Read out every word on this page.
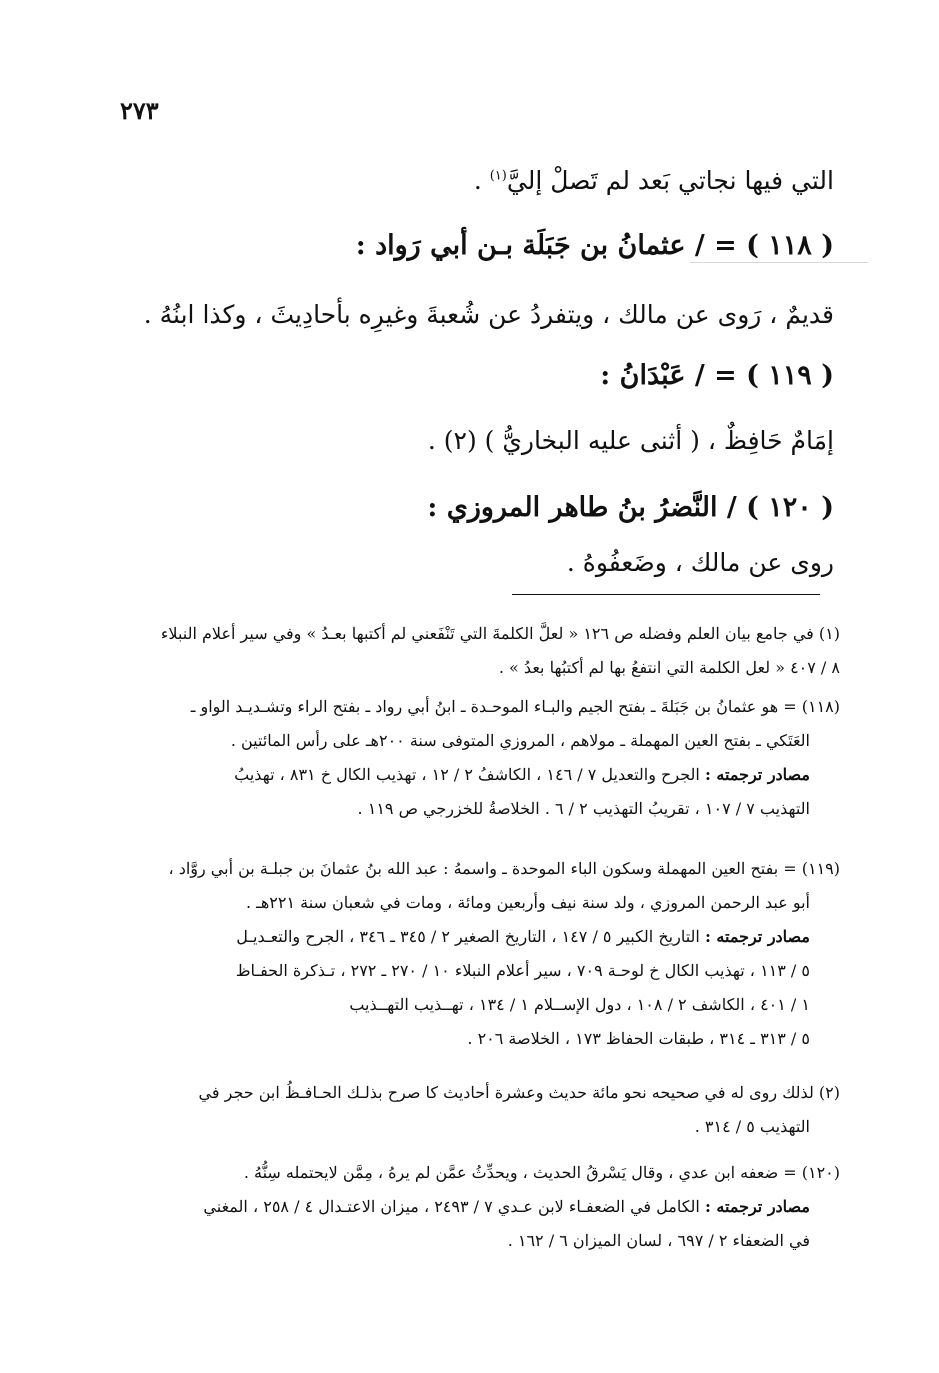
٢٧٣
التي فيها نجاتي بَعد لم تَصلْ إليَّ$^{(١)}$ .
( ١١٨ ) = / عثمانُ بن جَبَلَة بـن أبي رَواد :
قديمٌ ، رَوى عن مالك ، ويتفردُ عن شُعبةَ وغيرِه بأحادِيثَ ، وكذا ابنُهُ .
( ١١٩ ) = / عَبْدَانُ :
إمَامٌ حَافِظٌ ، ( أثنى عليه البخاريُّ ) (٢) .
( ١٢٠ ) / النَّضرُ بنُ طاهر المروزي :
روى عن مالك ، وضَعفُوهُ .
(١) في جامع بيان العلم وفضله ص ١٢٦ « لعلَّ الكلمةَ التي تَنْفَعني لم أكتبها بعـدُ » وفي سير أعلام النبلاء
٨ / ٤٠٧ « لعل الكلمة التي انتفعُ بها لم أكتبُها بعدُ » .
(١١٨) = هو عثمانُ بن جَبَلةَ ـ بفتح الجيم والبـاء الموحـدة ـ ابنُ أبي رواد ـ بفتح الراء وتشـديـد الواو ـ
العَتَكي ـ بفتح العين المهملة ـ مولاهم ، المروزي المتوفى سنة ٢٠٠هـ على رأس المائتين .
مصادر ترجمته : الجرح والتعديل ٧ / ١٤٦ ، الكاشفُ ٢ / ١٢ ، تهذيب الكال خ ٨٣١ ، تهذيبُ
التهذيب ٧ / ١٠٧ ، تقريبُ التهذيب ٢ / ٦ . الخلاصةُ للخزرجي ص ١١٩ .
(١١٩) = بفتح العين المهملة وسكون الباء الموحدة ـ واسمهُ : عبد الله بنُ عثمانَ بن جبلـة بن أبي روَّاد ،
أبو عبد الرحمن المروزي ، ولد سنة نيف وأربعين ومائة ، ومات في شعبان سنة ٢٢١هـ .
مصادر ترجمته : التاريخ الكبير ٥ / ١٤٧ ، التاريخ الصغير ٢ / ٣٤٥ ـ ٣٤٦ ، الجرح والتعـديـل
٥ / ١١٣ ، تهذيب الكال خ لوحـة ٧٠٩ ، سير أعلام النبلاء ١٠ / ٢٧٠ ـ ٢٧٢ ، تـذكرة الحفـاظ
١ / ٤٠١ ، الكاشف ٢ / ١٠٨ ، دول الإســلام ١ / ١٣٤ ، تهــذيب التهــذيب
٥ / ٣١٣ ـ ٣١٤ ، طبقات الحفاظ ١٧٣ ، الخلاصة ٢٠٦ .
(٢) لذلك روى له في صحيحه نحو مائة حديث وعشرة أحاديث كا صرح بذلـك الحـافـظُ ابن حجر في
التهذيب ٥ / ٣١٤ .
(١٢٠) = ضعفه ابن عدي ، وقال يَسْرقُ الحديث ، ويحدِّثُ عمَّن لم يرهُ ، مِمَّن لايحتمله سِنُّهُ .
مصادر ترجمته : الكامل في الضعفـاء لابن عـدي ٧ / ٢٤٩٣ ، ميزان الاعتـدال ٤ / ٢٥٨ ، المغني
في الضعفاء ٢ / ٦٩٧ ، لسان الميزان ٦ / ١٦٢ .
